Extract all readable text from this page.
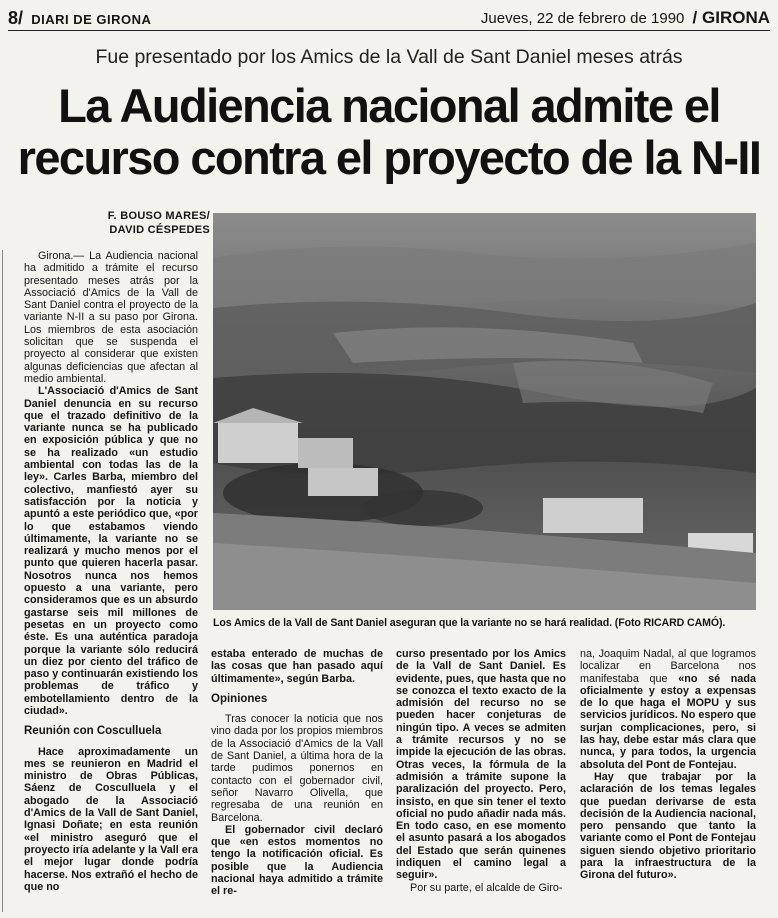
8/ DIARI DE GIRONA	Jueves, 22 de febrero de 1990 / GIRONA
Fue presentado por los Amics de la Vall de Sant Daniel meses atrás
La Audiencia nacional admite el
recurso contra el proyecto de la N-II
F. BOUSO MARES/
DAVID CÉSPEDES
Los Amics de la Vall de Sant Daniel aseguran que la variante no se hará realidad. (Foto RICARD CAMÓ).

Girona.— La Audiencia nacional ha admitido a trámite el recurso presentado meses atrás por la Associació d'Amics de la Vall de Sant Daniel contra el proyecto de la variante N-II a su paso por Girona. Los miembros de esta asociación solicitan que se suspenda el proyecto al considerar que existen algunas deficiencias que afectan al medio ambiental.

L'Associació d'Amics de Sant Daniel denuncia en su recurso que el trazado definitivo de la variante nunca se ha publicado en exposición pública y que no se ha realizado «un estudio ambiental con todas las de la ley». Carles Barba, miembro del colectivo, manfiestó ayer su satisfacción por la noticia y apuntó a este periódico que, «por lo que estabamos viendo últimamente, la variante no se realizará y mucho menos por el punto que quieren hacerla pasar. Nosotros nunca nos hemos opuesto a una variante, pero consideramos que es un absurdo gastarse seis mil millones de pesetas en un proyecto como éste. Es una auténtica paradoja porque la variante sólo reducirá un diez por ciento del tráfico de paso y continuarán existiendo los problemas de tráfico y embotellamiento dentro de la ciudad».

Reunión con Cosculluela

Hace aproximadamente un mes se reunieron en Madrid el ministro de Obras Públicas, Sáenz de Cosculluela y el abogado de la Associació d'Amics de la Vall de Sant Daniel, Ignasi Doñate; en esta reunión «el ministro aseguró que el proyecto iría adelante y la Vall era el mejor lugar donde podría hacerse. Nos extrañó el hecho de que no

estaba enterado de muchas de las cosas que han pasado aquí últimamente», según Barba.

Opiniones

Tras conocer la noticia que nos vino dada por los propios miembros de la Associació d'Amics de la Vall de Sant Daniel, a última hora de la tarde pudimos ponernos en contacto con el gobernador civil, señor Navarro Olivella, que regresaba de una reunión en Barcelona.

El gobernador civil declaró que «en estos momentos no tengo la notificación oficial. Es posible que la Audiencia nacional haya admitido a trámite el re-

curso presentado por los Amics de la Vall de Sant Daniel. Es evidente, pues, que hasta que no se conozca el texto exacto de la admisión del recurso no se pueden hacer conjeturas de ningún tipo. A veces se admiten a trámite recursos y no se impide la ejecución de las obras. Otras veces, la fórmula de la admisión a trámite supone la paralización del proyecto. Pero, insisto, en que sin tener el texto oficial no pudo añadir nada más. En todo caso, en ese momento el asunto pasará a los abogados del Estado que serán quinenes indiquen el camino legal a seguir».

Por su parte, el alcalde de Giro-

na, Joaquim Nadal, al que logramos localizar en Barcelona nos manifestaba que «no sé nada oficialmente y estoy a expensas de lo que haga el MOPU y sus servicios jurídicos. No espero que surjan complicaciones, pero, si las hay, debe estar más clara que nunca, y para todos, la urgencia absoluta del Pont de Fontejau.

Hay que trabajar por la aclaración de los temas legales que puedan derivarse de esta decisión de la Audiencia nacional, pero pensando que tanto la variante como el Pont de Fontejau siguen siendo objetivo prioritario para la infraestructura de la Girona del futuro».
